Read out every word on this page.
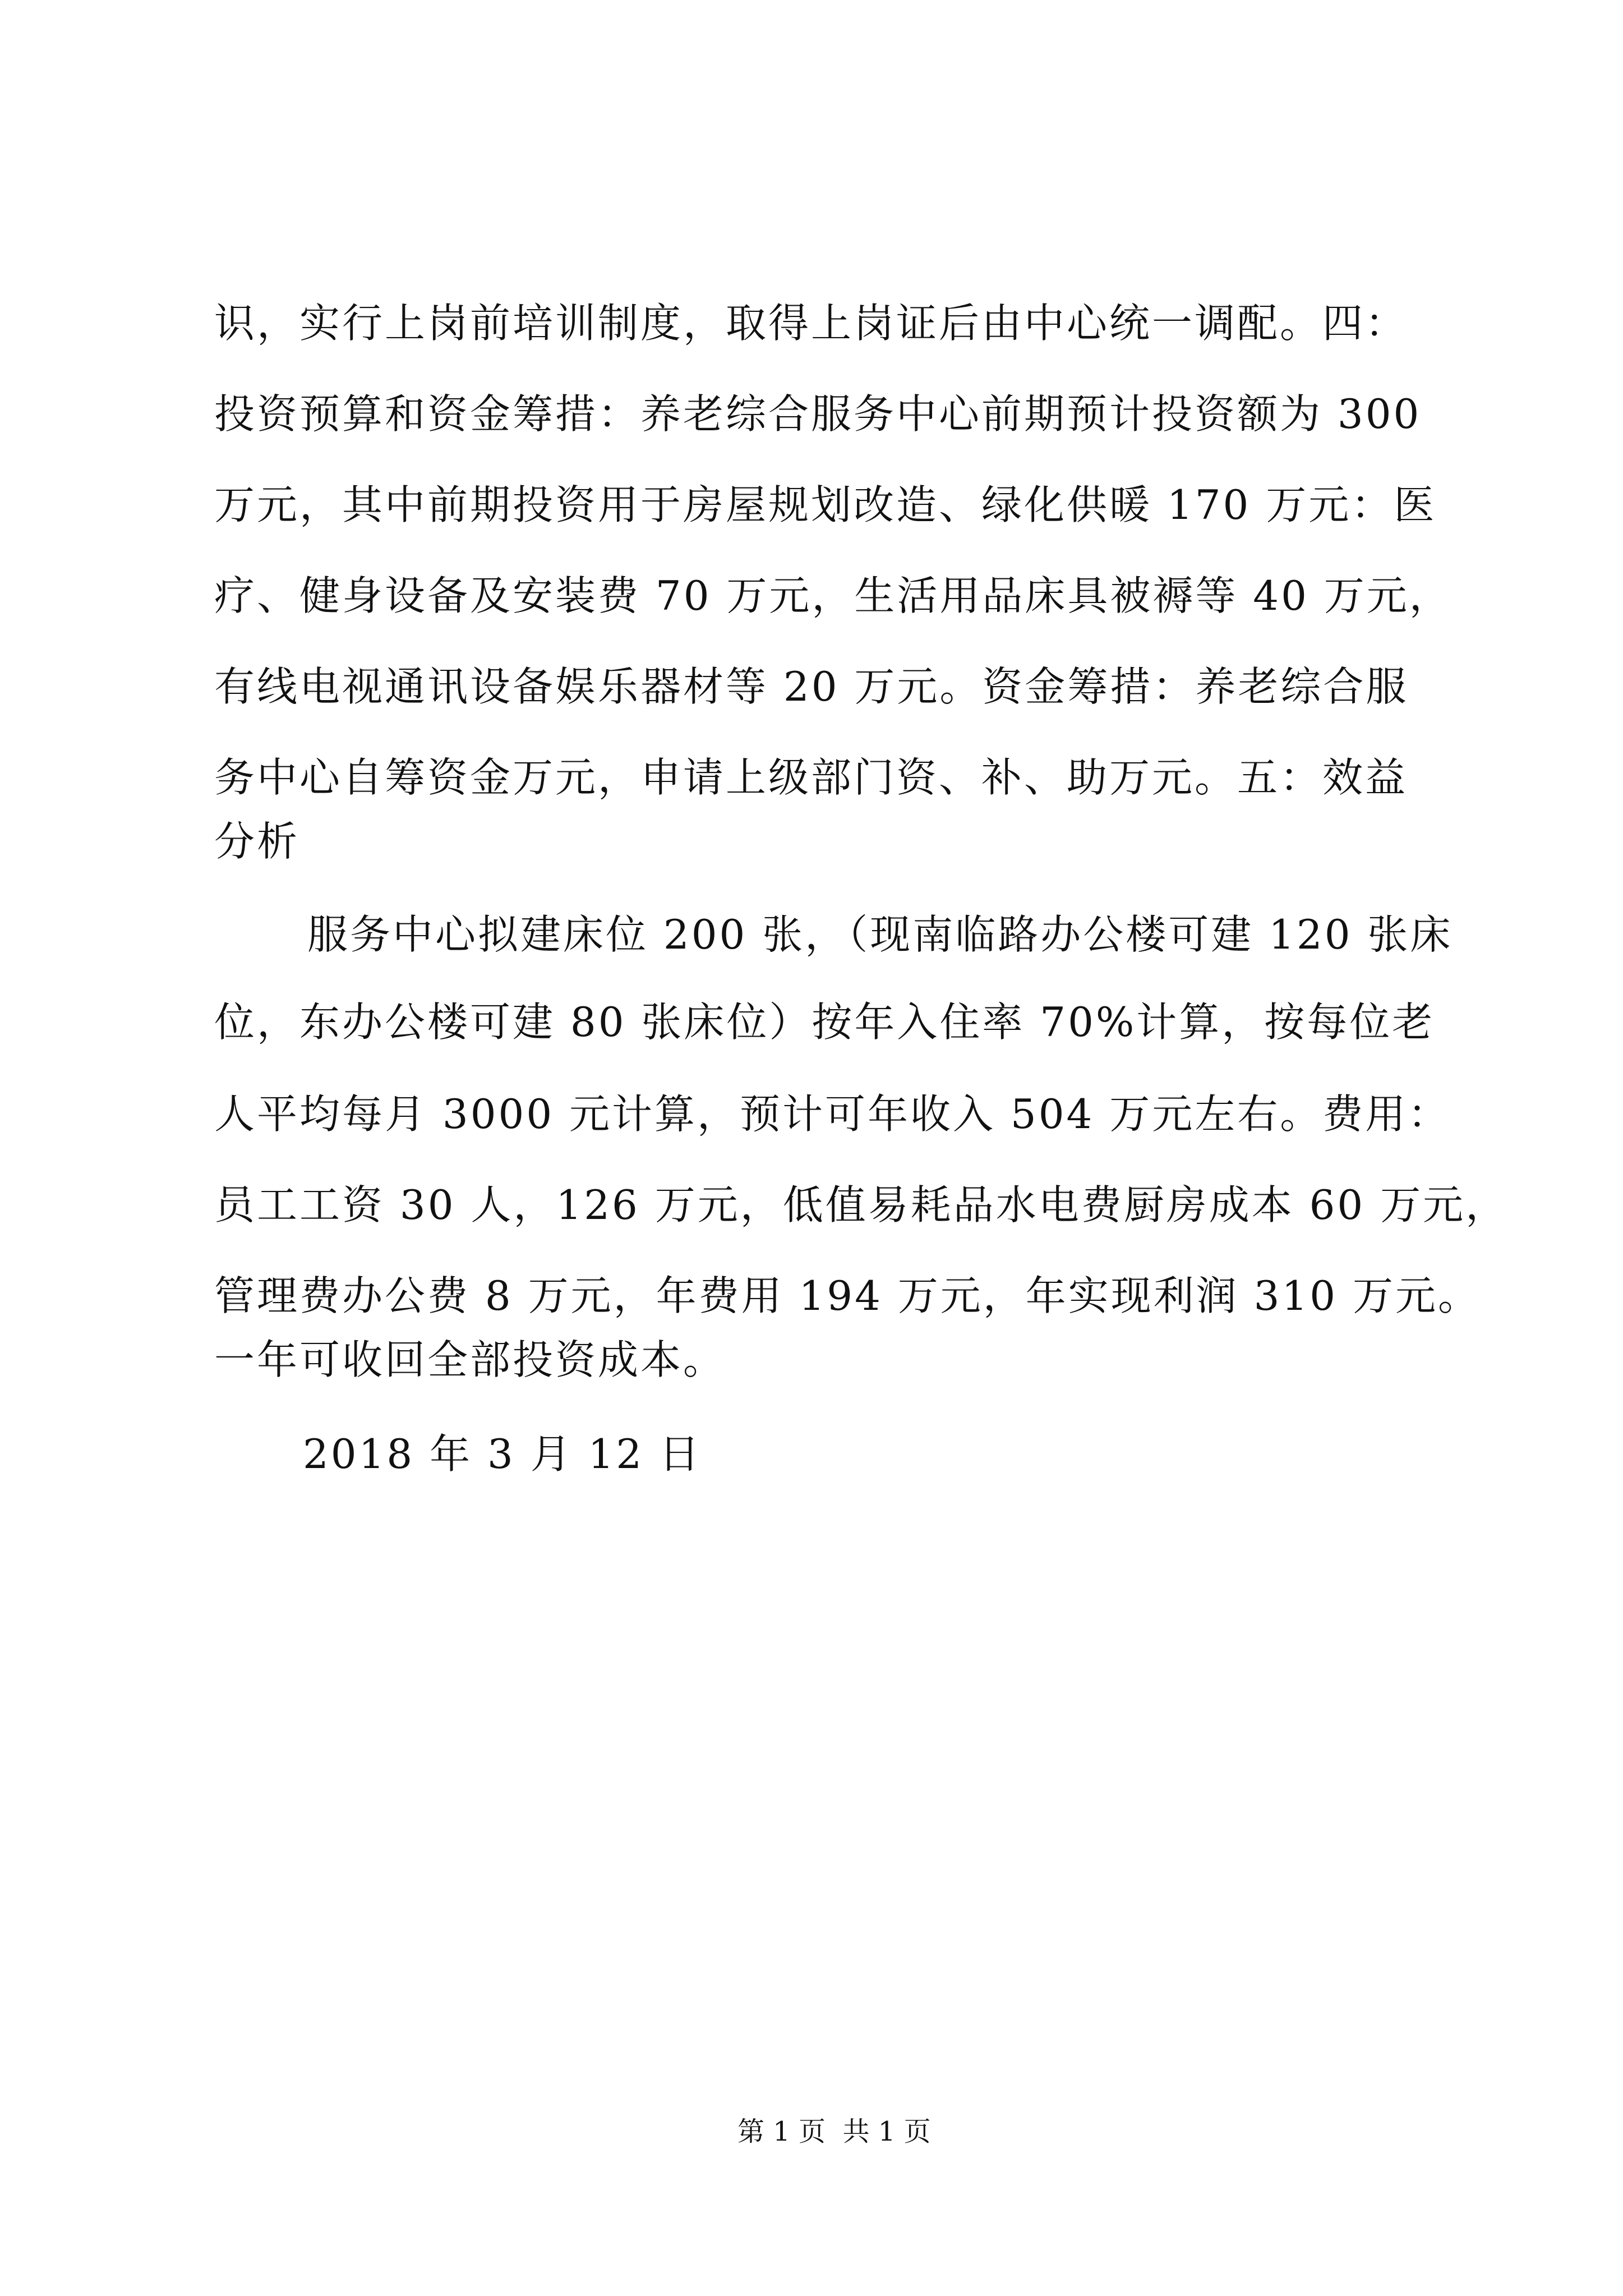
识，实行上岗前培训制度，取得上岗证后由中心统一调配。四：
投资预算和资金筹措：养老综合服务中心前期预计投资额为 300
万元，其中前期投资用于房屋规划改造、绿化供暖 170 万元：医
疗、健身设备及安装费 70 万元，生活用品床具被褥等 40 万元，
有线电视通讯设备娱乐器材等 20 万元。资金筹措：养老综合服
务中心自筹资金万元，申请上级部门资、补、助万元。五：效益
分析
服务中心拟建床位 200 张，（现南临路办公楼可建 120 张床
位，东办公楼可建 80 张床位）按年入住率 70%计算，按每位老
人平均每月 3000 元计算，预计可年收入 504 万元左右。费用：
员工工资 30 人，126 万元，低值易耗品水电费厨房成本 60 万元，
管理费办公费 8 万元，年费用 194 万元，年实现利润 310 万元。
一年可收回全部投资成本。
2018 年 3 月 12 日
第 1 页  共 1 页
